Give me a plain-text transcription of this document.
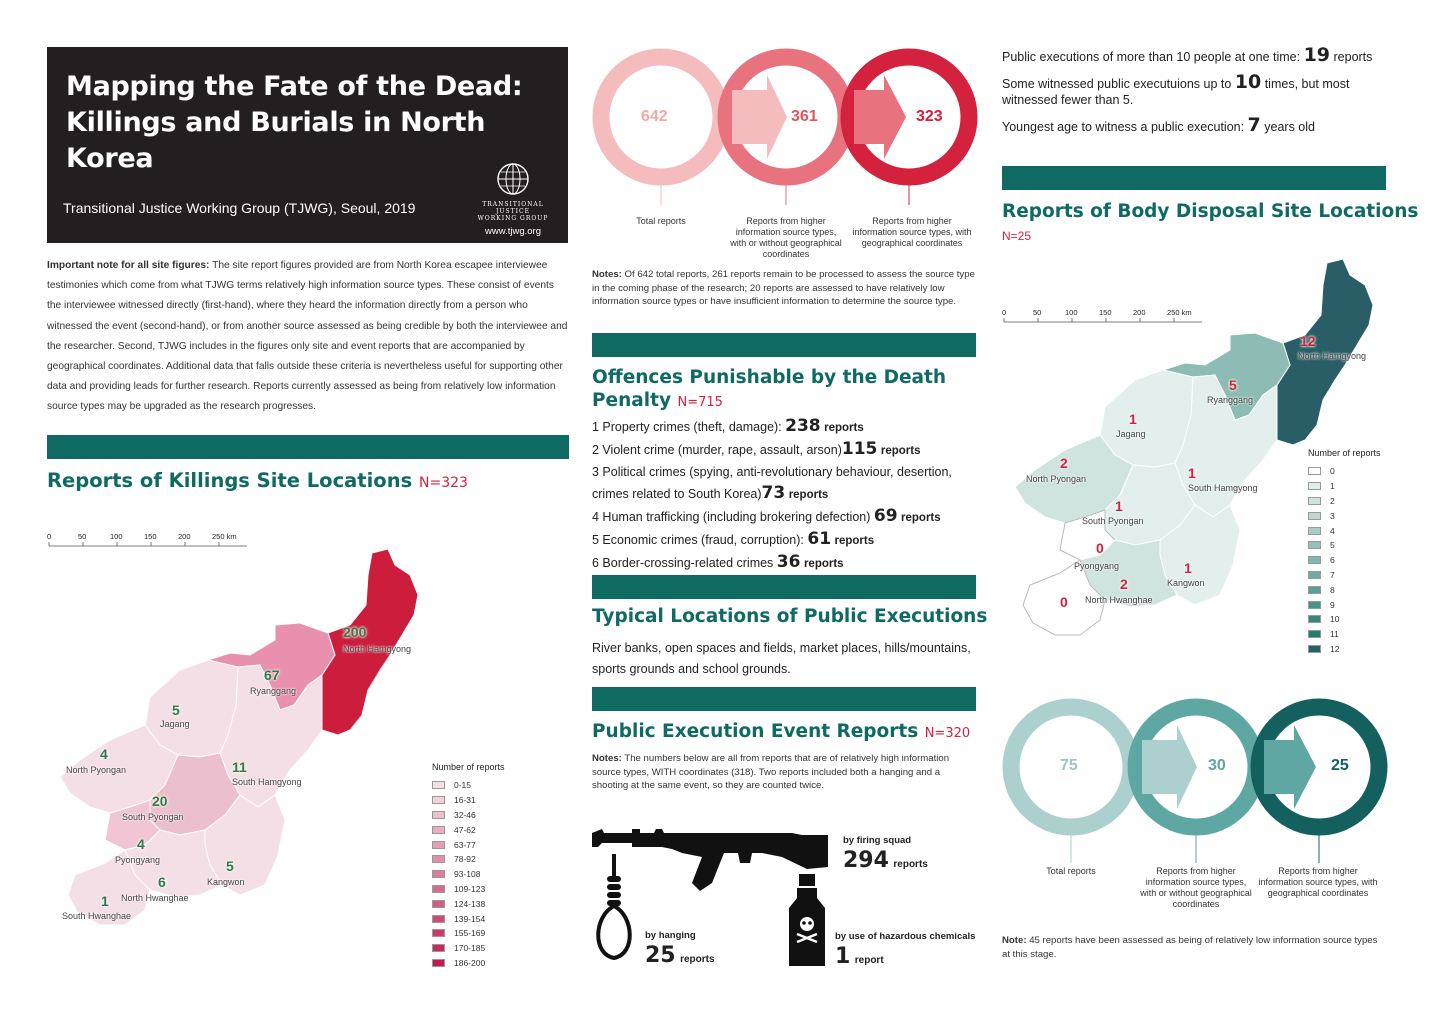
Mapping the Fate of the Dead:
Killings and Burials in North Korea
Transitional Justice Working Group (TJWG), Seoul, 2019	TRANSITIONAL
JUSTICE
WORKING GROUP
www.tjwg.org
Important note for all site figures: The site report figures provided are from North Korea escapee interviewee testimonies which come from what TJWG terms relatively high information source types. These consist of events the interviewee witnessed directly (first-hand), where they heard the information directly from a person who witnessed the event (second-hand), or from another source assessed as being credible by both the interviewee and the researcher. Second, TJWG includes in the figures only site and event reports that are accompanied by geographical coordinates. Additional data that falls outside these criteria is nevertheless useful for supporting other data and providing leads for further research. Reports currently assessed as being from relatively low information source types may be upgraded as the research progresses.
Reports of Killings Site Locations N=323
0	50	100	150	200	250 km
200
North Hamgyong
67
Ryanggang
5
Jagang
4
North Pyongan	11
South Hamgyong
20
South Pyongan
4
Pyongyang	5
Kangwon
6
North Hwanghae
1
South Hwanghae
Number of reports
0-15
16-31
32-46
47-62
63-77
78-92
93-108
109-123
124-138
139-154
155-169
170-185
186-200
642	361	323
Total reports	Reports from higher information source types, with or without geographical coordinates
Reports from higher information source types, with geographical coordinates
Notes: Of 642 total reports, 261 reports remain to be processed to assess the source type in the coming phase of the research; 20 reports are assessed to have relatively low information source types or have insufficient information to determine the source type.
Offences Punishable by the Death
Penalty N=715
1 Property crimes (theft, damage): 238 reports
2 Violent crime (murder, rape, assault, arson)115 reports
3 Political crimes (spying, anti-revolutionary behaviour, desertion, crimes related to South Korea)73 reports
4 Human trafficking (including brokering defection) 69 reports
5 Economic crimes (fraud, corruption): 61 reports
6 Border-crossing-related crimes 36 reports
Typical Locations of Public Executions
River banks, open spaces and fields, market places, hills/mountains, sports grounds and school grounds.
Public Execution Event Reports N=320
Notes: The numbers below are all from reports that are of relatively high information source types, WITH coordinates (318). Two reports included both a hanging and a shooting at the same event, so they are counted twice.
by firing squad
294 reports
by hanging
25 reports
by use of hazardous chemicals
1 report
Public executions of more than 10 people at one time: 19 reports
Some witnessed public executuions up to 10 times, but most witnessed fewer than 5.
Youngest age to witness a public execution: 7 years old
Reports of Body Disposal Site Locations
N=25
0	50	100	150	200	250 km
12
North Hamgyong
5
Ryanggang
1
Jagang
2
North Pyongan	1
South Hamgyong
1
South Pyongan
0
Pyongyang	1
Kangwon
2
North Hwanghae
0
Number of reports
0
1
2
3
4
5
6
7
8
9
10
11
12
75	30	25
Total reports	Reports from higher information source types, with or without geographical coordinates
Reports from higher information source types, with geographical coordinates
Note: 45 reports have been assessed as being of relatively low information source types at this stage.
